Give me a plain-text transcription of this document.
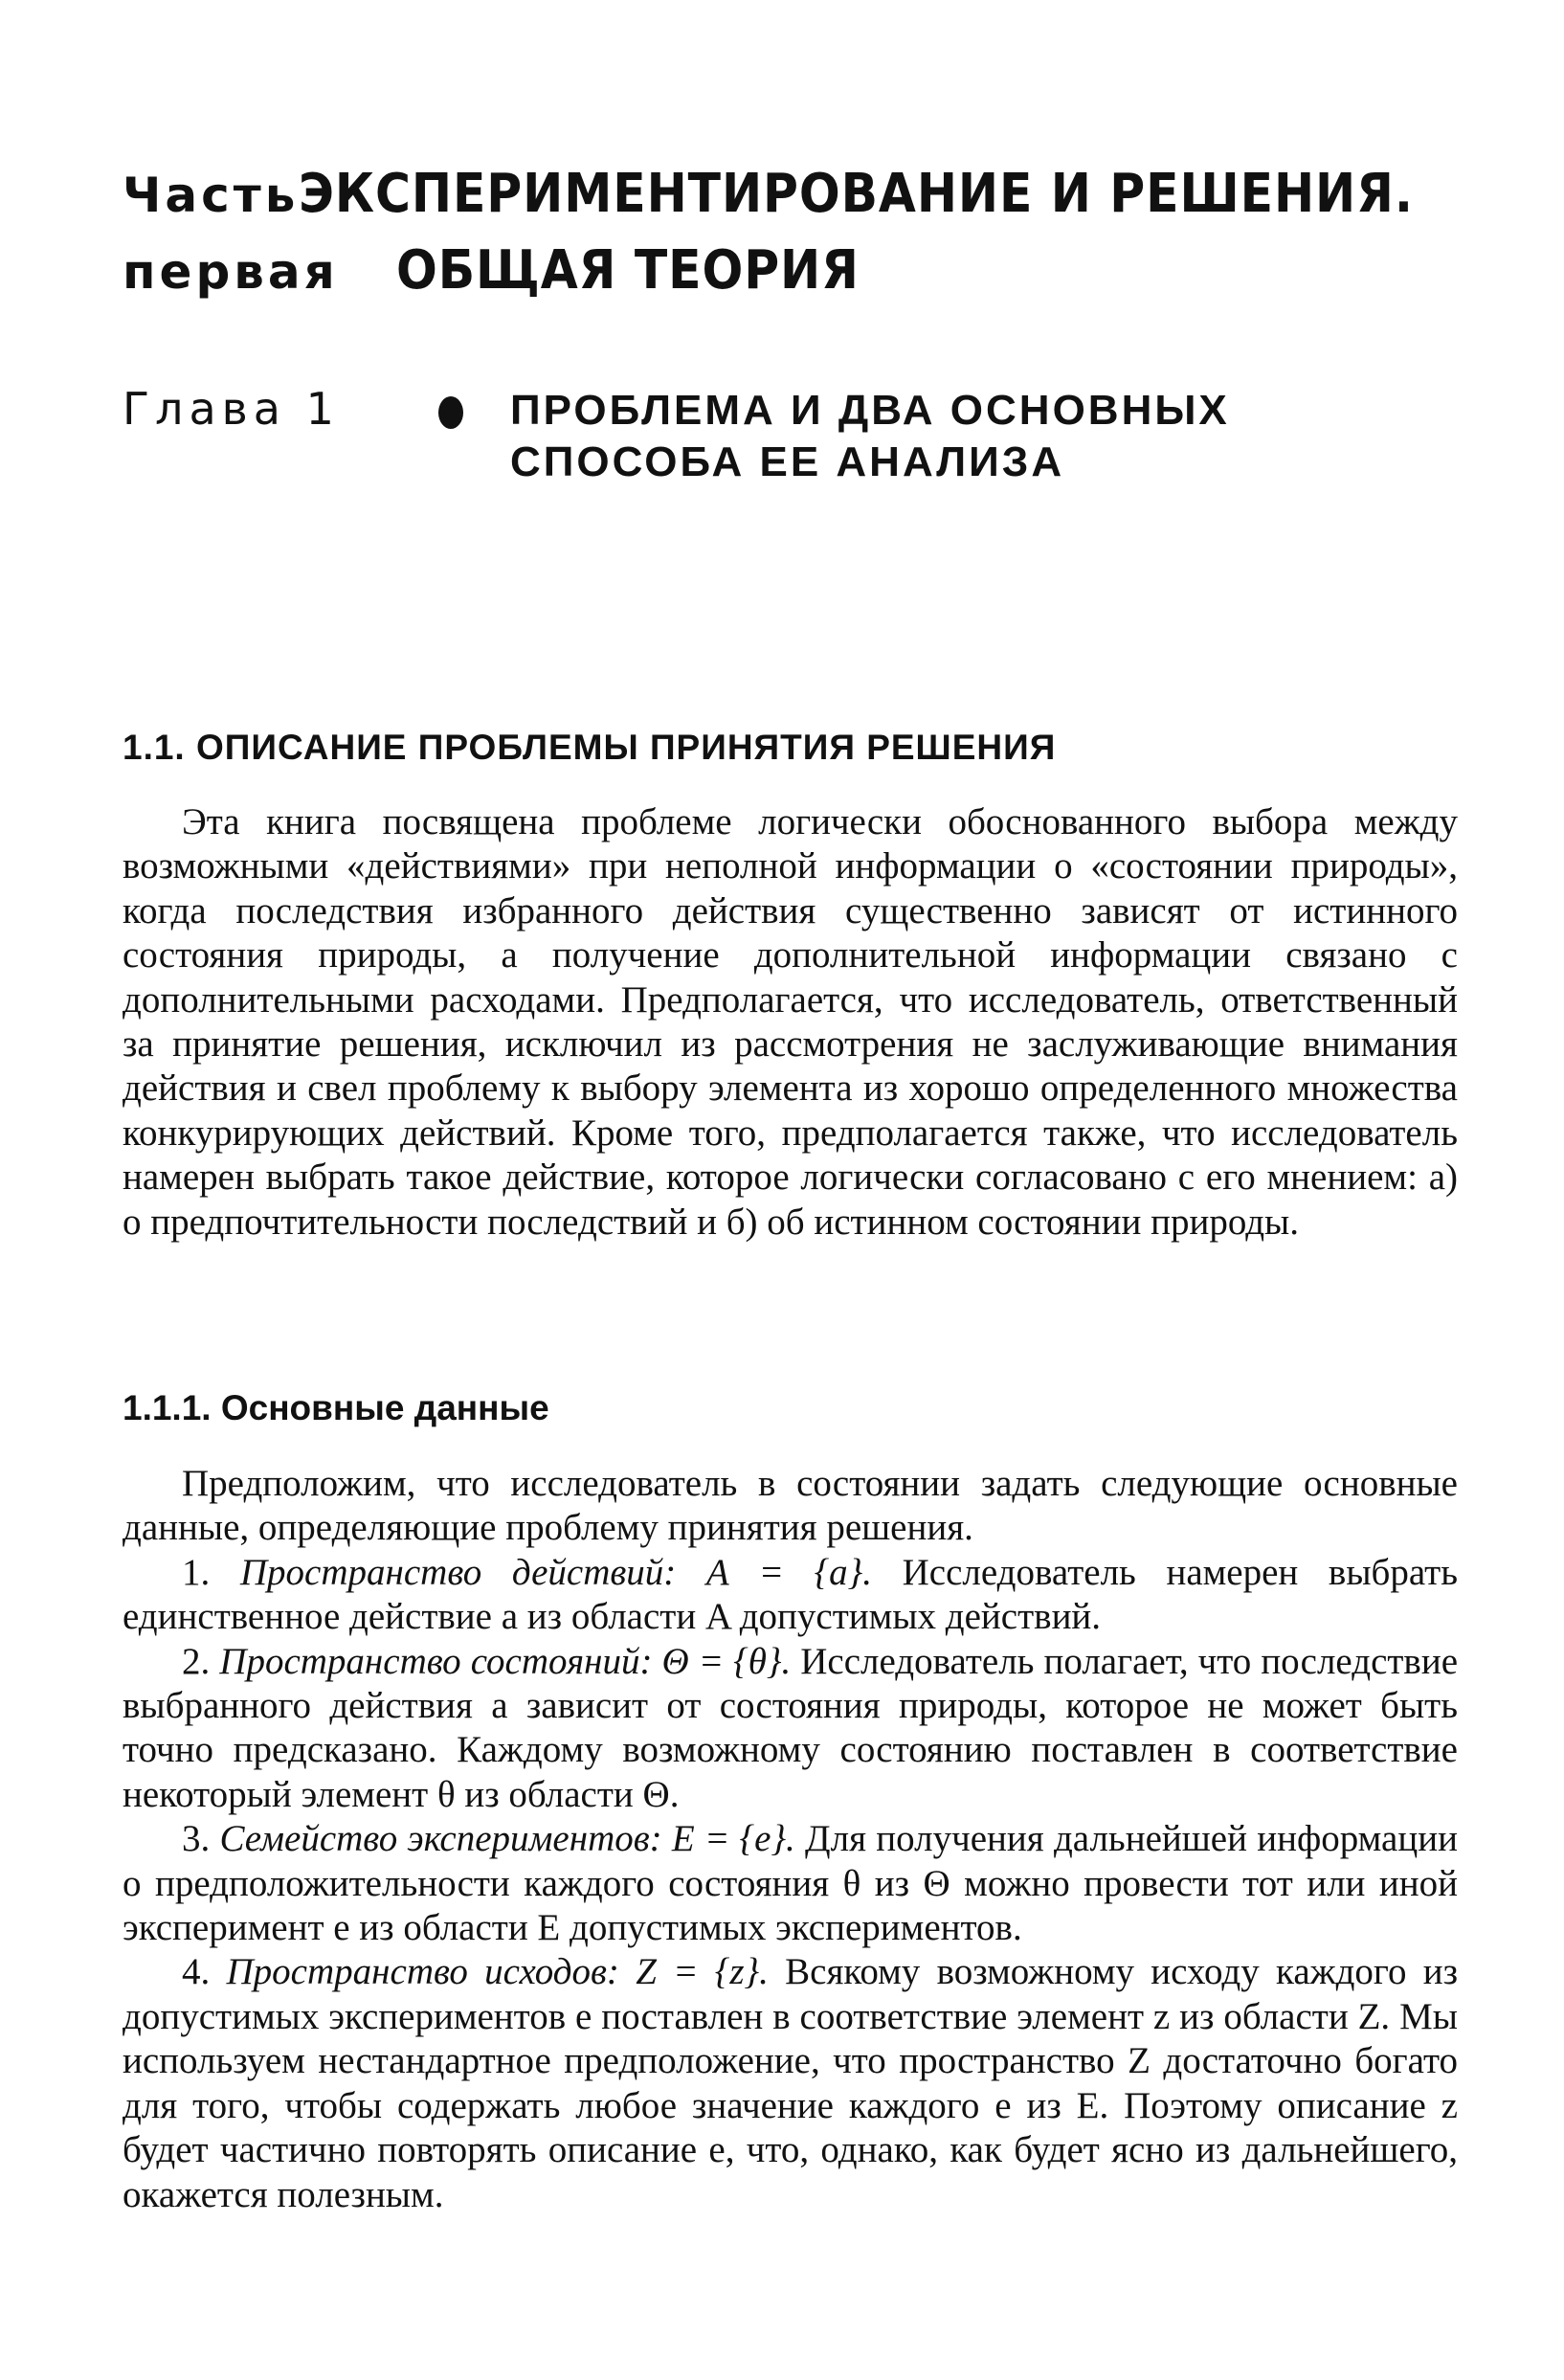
Часть ЭКСПЕРИМЕНТИРОВАНИЕ И РЕШЕНИЯ.
первая	ОБЩАЯ ТЕОРИЯ
Глава 1	ПРОБЛЕМА И ДВА ОСНОВНЫХ
СПОСОБА ЕЕ АНАЛИЗА
1.1. ОПИСАНИЕ ПРОБЛЕМЫ ПРИНЯТИЯ РЕШЕНИЯ

Эта книга посвящена проблеме логически обоснованного выбора между возможными «действиями» при неполной информации о «состоянии природы», когда последствия избранного действия существенно зависят от истинного состояния природы, а получение дополнительной информации связано с дополнительными расходами. Предполагается, что исследователь, ответственный за принятие решения, исключил из рассмотрения не заслуживающие внимания действия и свел проблему к выбору элемента из хорошо определенного множества конкурирующих действий. Кроме того, предполагается также, что исследователь намерен выбрать такое действие, которое логически согласовано с его мнением: а) о предпочтительности последствий и б) об истинном состоянии природы.

1.1.1. Основные данные

Предположим, что исследователь в состоянии задать следующие основные данные, определяющие проблему принятия решения.

1. Пространство действий: A = {a}. Исследователь намерен выбрать единственное действие a из области A допустимых действий.

2. Пространство состояний: Θ = {θ}. Исследователь полагает, что последствие выбранного действия a зависит от состояния природы, которое не может быть точно предсказано. Каждому возможному состоянию поставлен в соответствие некоторый элемент θ из области Θ.

3. Семейство экспериментов: E = {e}. Для получения дальнейшей информации о предположительности каждого состояния θ из Θ можно провести тот или иной эксперимент e из области E допустимых экспериментов.

4. Пространство исходов: Z = {z}. Всякому возможному исходу каждого из допустимых экспериментов e поставлен в соответствие элемент z из области Z. Мы используем нестандартное предположение, что пространство Z достаточно богато для того, чтобы содержать любое значение каждого e из E. Поэтому описание z будет частично повторять описание e, что, однако, как будет ясно из дальнейшего, окажется полезным.
